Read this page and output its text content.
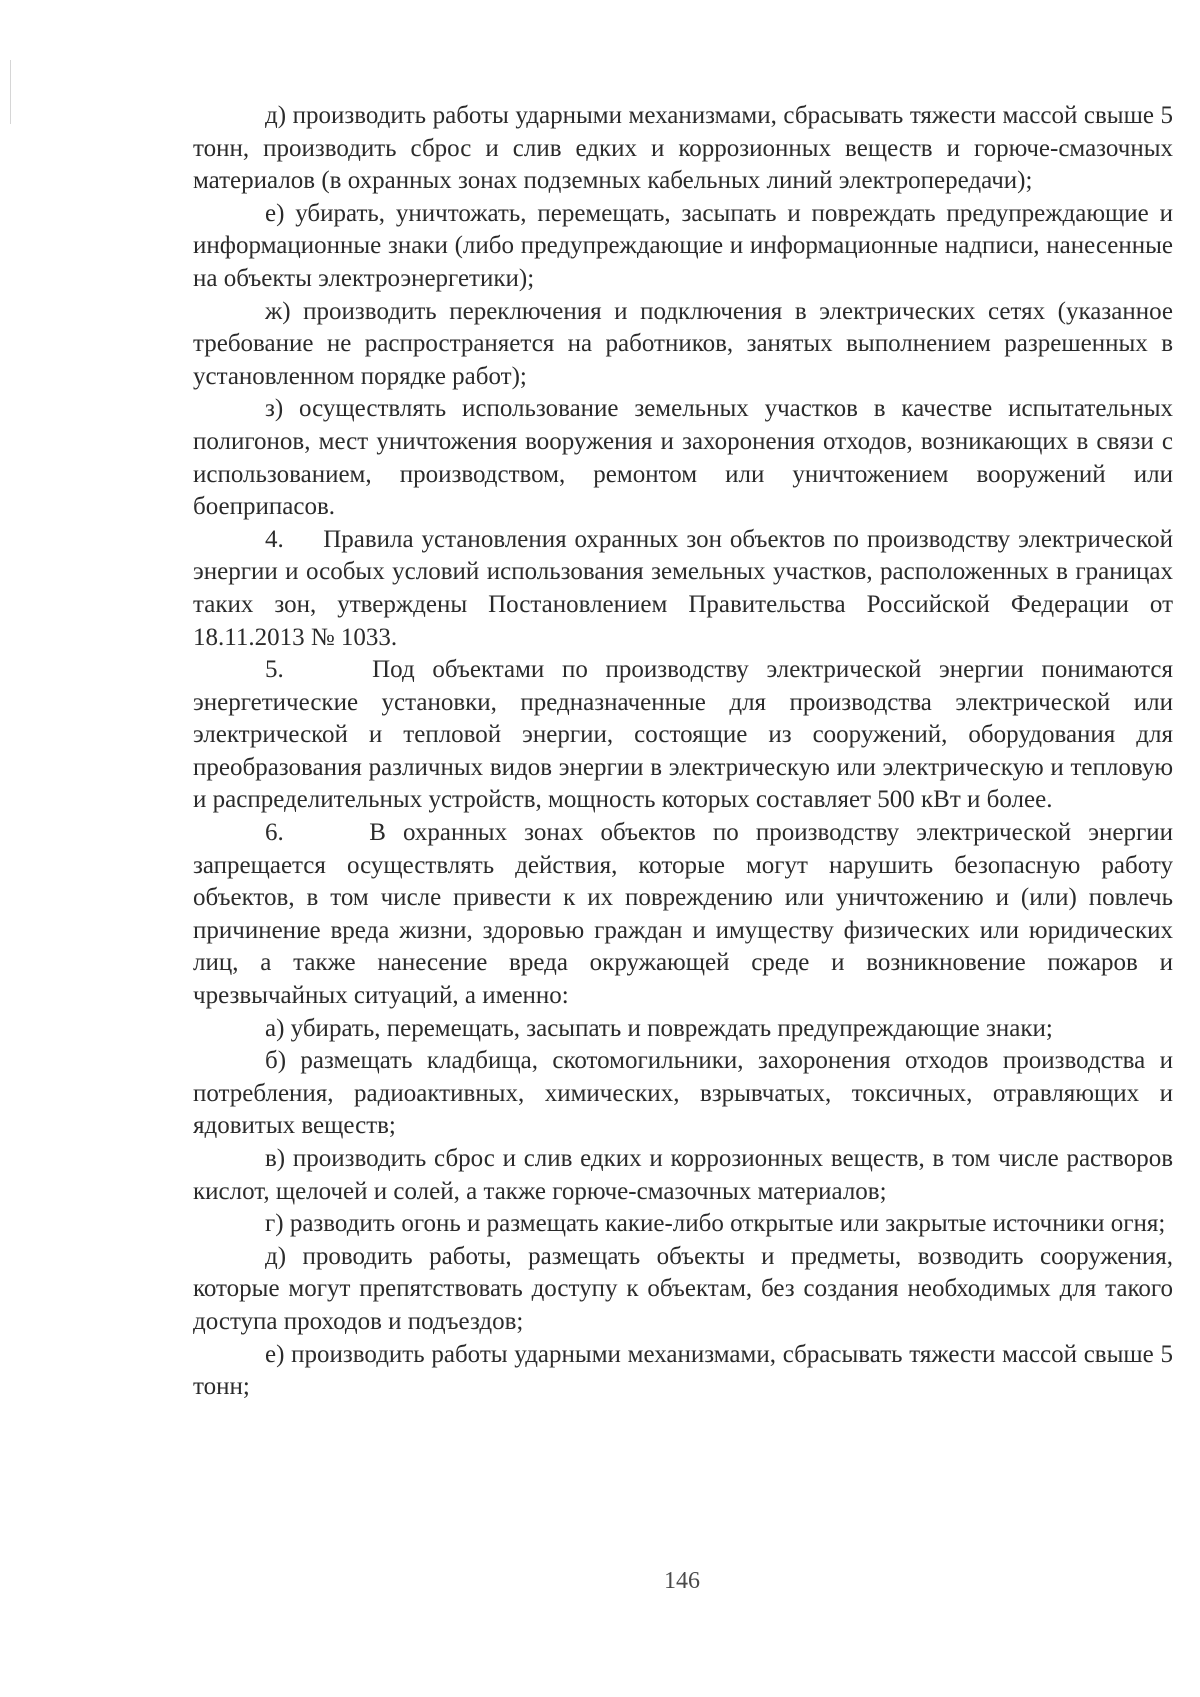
д) производить работы ударными механизмами, сбрасывать тяжести массой свыше 5 тонн, производить сброс и слив едких и коррозионных веществ и горюче-смазочных материалов (в охранных зонах подземных кабельных линий электропередачи);

е) убирать, уничтожать, перемещать, засыпать и повреждать предупреждающие и информационные знаки (либо предупреждающие и информационные надписи, нанесенные на объекты электроэнергетики);

ж) производить переключения и подключения в электрических сетях (указанное требование не распространяется на работников, занятых выполнением разрешенных в установленном порядке работ);

з) осуществлять использование земельных участков в качестве испытательных полигонов, мест уничтожения вооружения и захоронения отходов, возникающих в связи с использованием, производством, ремонтом или уничтожением вооружений или боеприпасов.

4.     Правила установления охранных зон объектов по производству электрической энергии и особых условий использования земельных участков, расположенных в границах таких зон, утверждены Постановлением Правительства Российской Федерации от 18.11.2013 № 1033.

5.     Под объектами по производству электрической энергии понимаются энергетические установки, предназначенные для производства электрической или электрической и тепловой энергии, состоящие из сооружений, оборудования для преобразования различных видов энергии в электрическую или электрическую и тепловую и распределительных устройств, мощность которых составляет 500 кВт и более.

6.     В охранных зонах объектов по производству электрической энергии запрещается осуществлять действия, которые могут нарушить безопасную работу объектов, в том числе привести к их повреждению или уничтожению и (или) повлечь причинение вреда жизни, здоровью граждан и имуществу физических или юридических лиц, а также нанесение вреда окружающей среде и возникновение пожаров и чрезвычайных ситуаций, а именно:

а) убирать, перемещать, засыпать и повреждать предупреждающие знаки;

б) размещать кладбища, скотомогильники, захоронения отходов производства и потребления, радиоактивных, химических, взрывчатых, токсичных, отравляющих и ядовитых веществ;

в) производить сброс и слив едких и коррозионных веществ, в том числе растворов кислот, щелочей и солей, а также горюче-смазочных материалов;

г) разводить огонь и размещать какие-либо открытые или закрытые источники огня;

д) проводить работы, размещать объекты и предметы, возводить сооружения, которые могут препятствовать доступу к объектам, без создания необходимых для такого доступа проходов и подъездов;

е) производить работы ударными механизмами, сбрасывать тяжести массой свыше 5 тонн;

146
